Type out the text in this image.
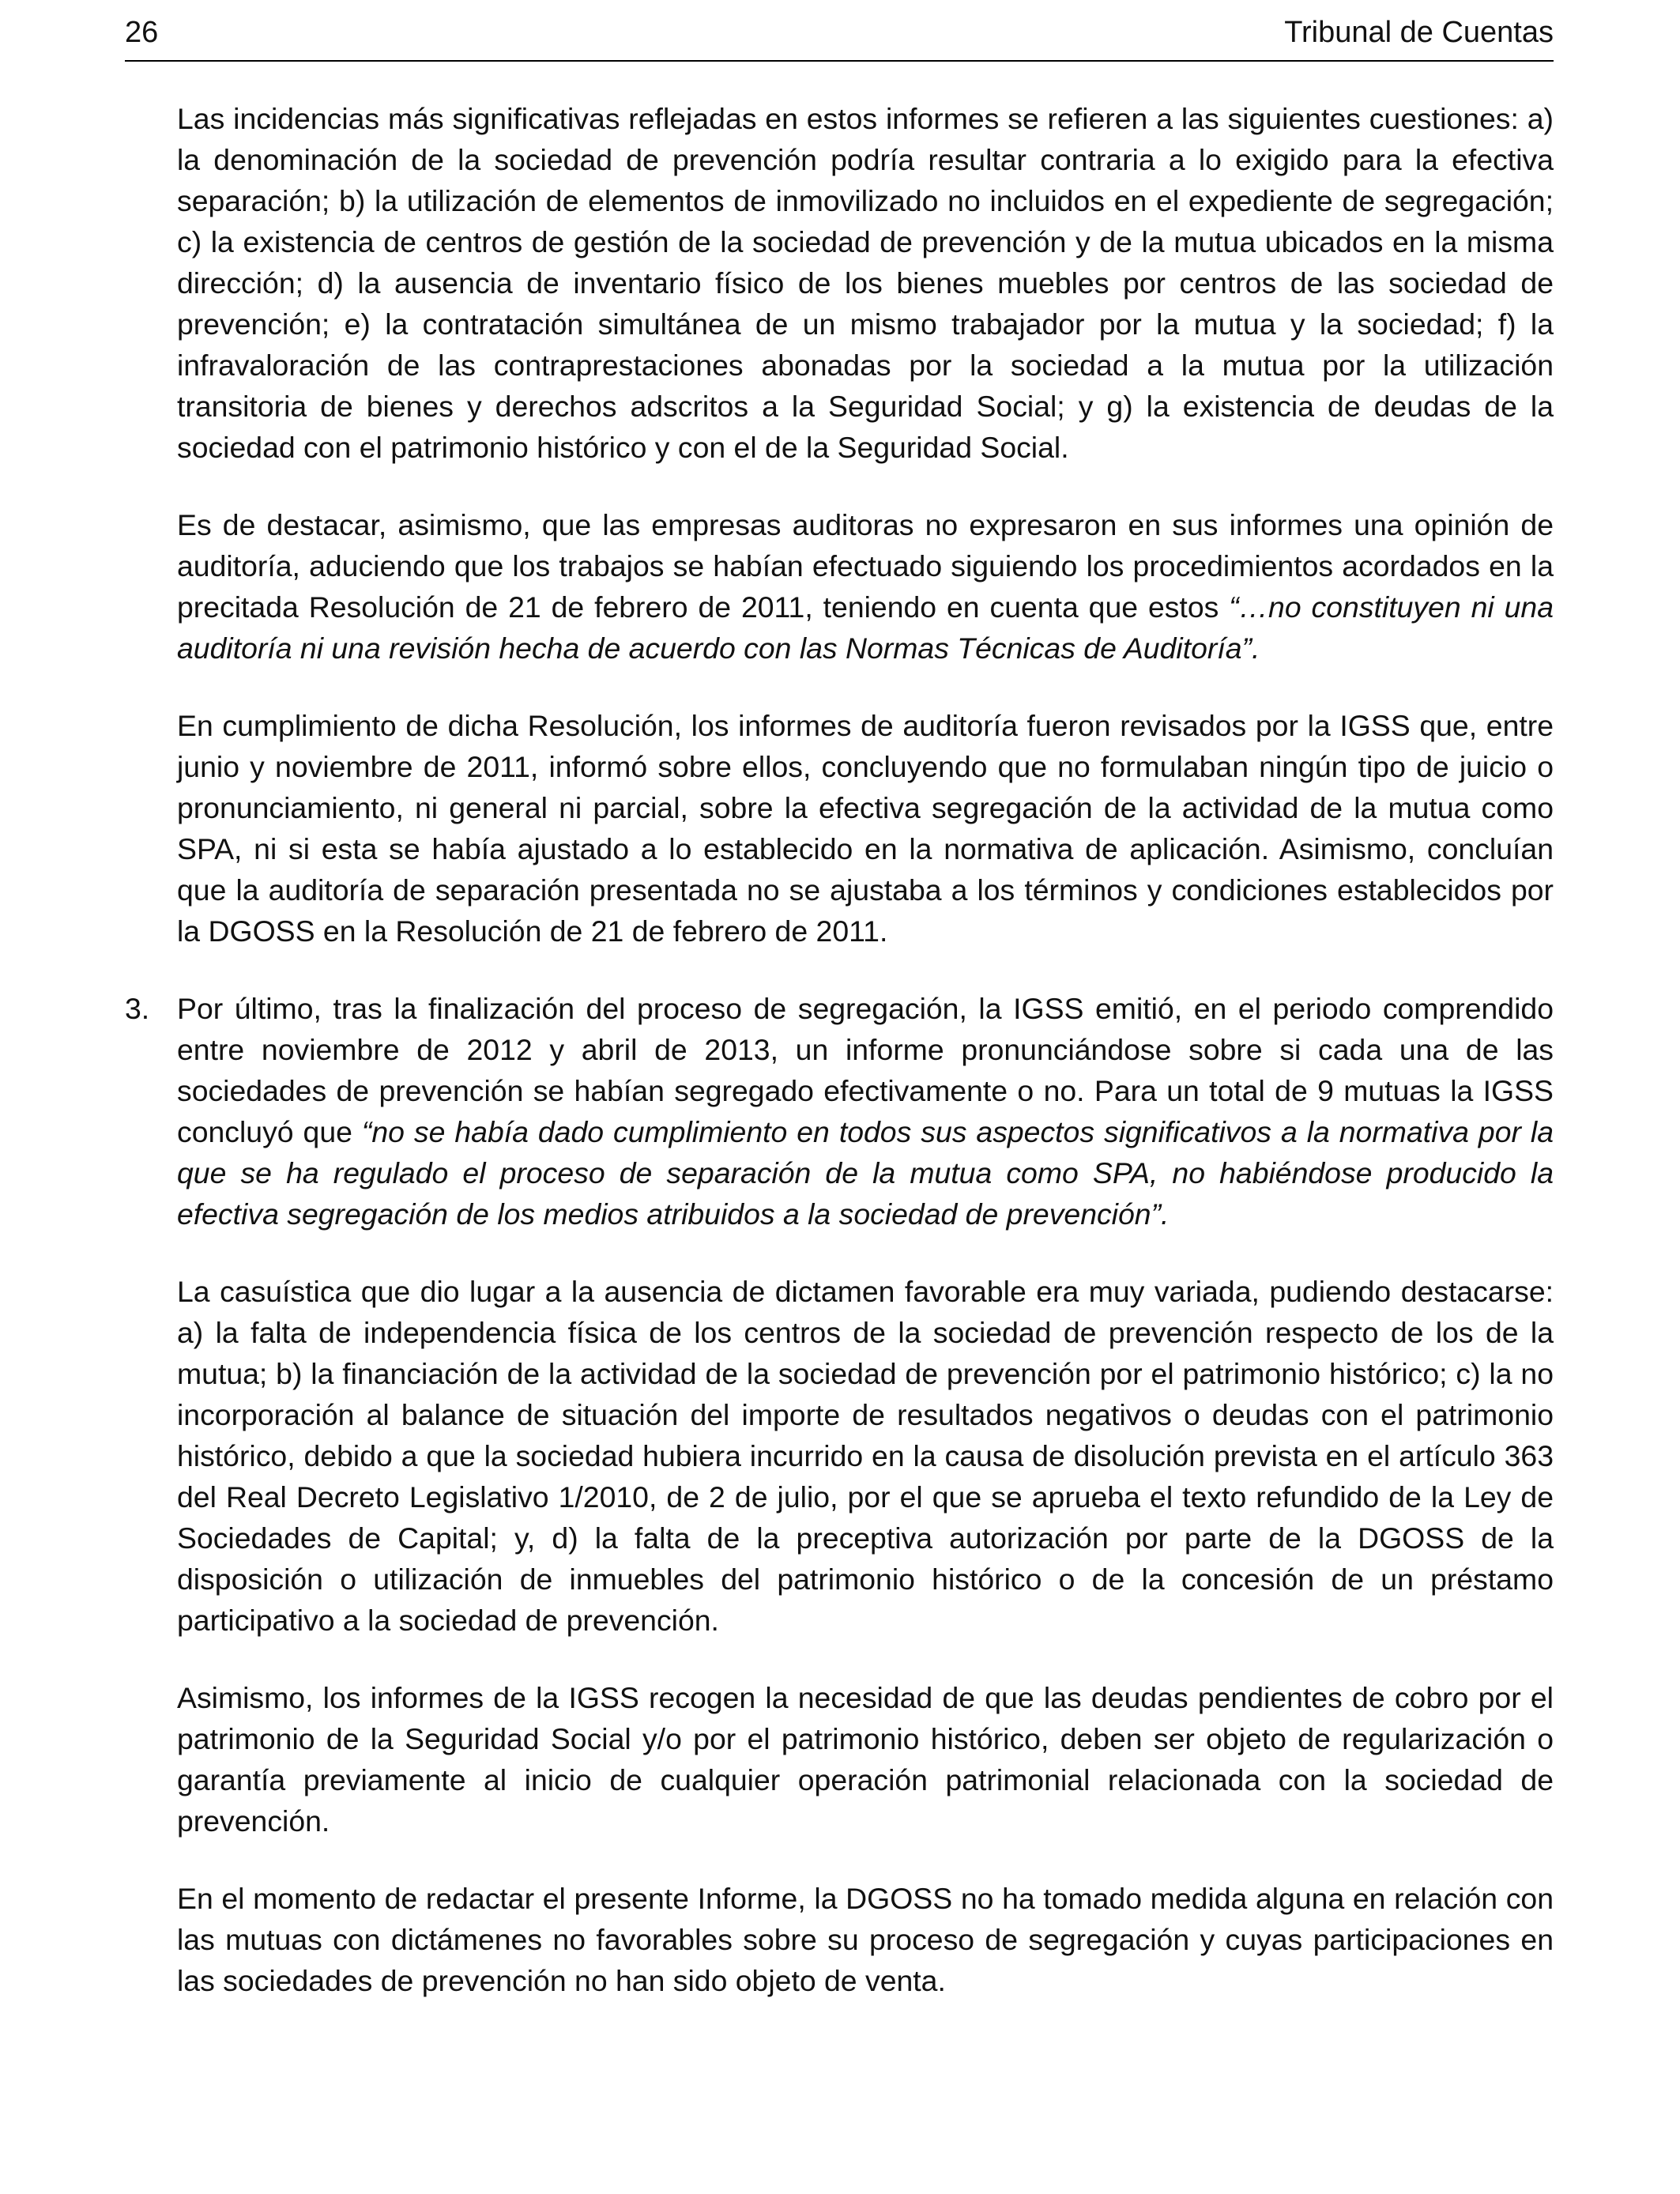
26	Tribunal de Cuentas

Las incidencias más significativas reflejadas en estos informes se refieren a las siguientes cuestiones: a) la denominación de la sociedad de prevención podría resultar contraria a lo exigido para la efectiva separación; b) la utilización de elementos de inmovilizado no incluidos en el expediente de segregación; c) la existencia de centros de gestión de la sociedad de prevención y de la mutua ubicados en la misma dirección; d) la ausencia de inventario físico de los bienes muebles por centros de las sociedad de prevención; e) la contratación simultánea de un mismo trabajador por la mutua y la sociedad; f) la infravaloración de las contraprestaciones abonadas por la sociedad a la mutua por la utilización transitoria de bienes y derechos adscritos a la Seguridad Social; y g) la existencia de deudas de la sociedad con el patrimonio histórico y con el de la Seguridad Social.

Es de destacar, asimismo, que las empresas auditoras no expresaron en sus informes una opinión de auditoría, aduciendo que los trabajos se habían efectuado siguiendo los procedimientos acordados en la precitada Resolución de 21 de febrero de 2011, teniendo en cuenta que estos “…no constituyen ni una auditoría ni una revisión hecha de acuerdo con las Normas Técnicas de Auditoría”.

En cumplimiento de dicha Resolución, los informes de auditoría fueron revisados por la IGSS que, entre junio y noviembre de 2011, informó sobre ellos, concluyendo que no formulaban ningún tipo de juicio o pronunciamiento, ni general ni parcial, sobre la efectiva segregación de la actividad de la mutua como SPA, ni si esta se había ajustado a lo establecido en la normativa de aplicación. Asimismo, concluían que la auditoría de separación presentada no se ajustaba a los términos y condiciones establecidos por la DGOSS en la Resolución de 21 de febrero de 2011.

3. Por último, tras la finalización del proceso de segregación, la IGSS emitió, en el periodo comprendido entre noviembre de 2012 y abril de 2013, un informe pronunciándose sobre si cada una de las sociedades de prevención se habían segregado efectivamente o no. Para un total de 9 mutuas la IGSS concluyó que “no se había dado cumplimiento en todos sus aspectos significativos a la normativa por la que se ha regulado el proceso de separación de la mutua como SPA, no habiéndose producido la efectiva segregación de los medios atribuidos a la sociedad de prevención”.

La casuística que dio lugar a la ausencia de dictamen favorable era muy variada, pudiendo destacarse: a) la falta de independencia física de los centros de la sociedad de prevención respecto de los de la mutua; b) la financiación de la actividad de la sociedad de prevención por el patrimonio histórico; c) la no incorporación al balance de situación del importe de resultados negativos o deudas con el patrimonio histórico, debido a que la sociedad hubiera incurrido en la causa de disolución prevista en el artículo 363 del Real Decreto Legislativo 1/2010, de 2 de julio, por el que se aprueba el texto refundido de la Ley de Sociedades de Capital; y, d) la falta de la preceptiva autorización por parte de la DGOSS de la disposición o utilización de inmuebles del patrimonio histórico o de la concesión de un préstamo participativo a la sociedad de prevención.

Asimismo, los informes de la IGSS recogen la necesidad de que las deudas pendientes de cobro por el patrimonio de la Seguridad Social y/o por el patrimonio histórico, deben ser objeto de regularización o garantía previamente al inicio de cualquier operación patrimonial relacionada con la sociedad de prevención.

En el momento de redactar el presente Informe, la DGOSS no ha tomado medida alguna en relación con las mutuas con dictámenes no favorables sobre su proceso de segregación y cuyas participaciones en las sociedades de prevención no han sido objeto de venta.
